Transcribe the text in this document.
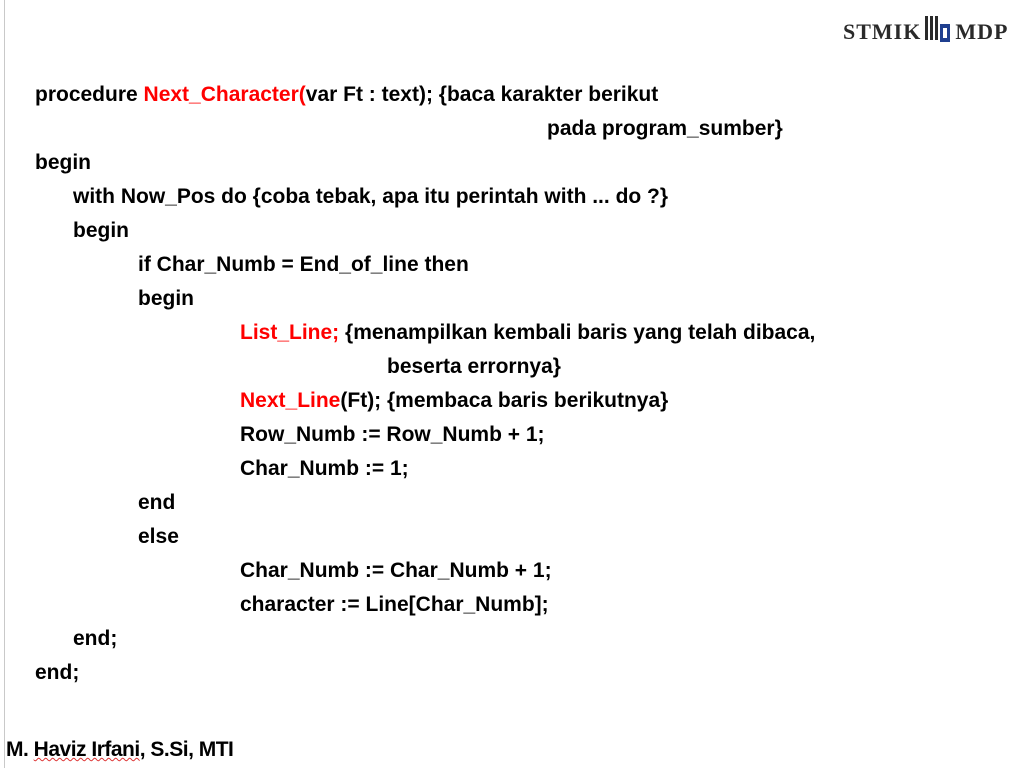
STMIK MDP
procedure Next_Character(var Ft : text); {baca karakter berikut
pada program_sumber}
begin
with Now_Pos do {coba tebak, apa itu perintah with ... do ?}
begin
if Char_Numb = End_of_line then
begin
List_Line; {menampilkan kembali baris yang telah dibaca,
beserta errornya}
Next_Line(Ft); {membaca baris berikutnya}
Row_Numb := Row_Numb + 1;
Char_Numb := 1;
end
else
Char_Numb := Char_Numb + 1;
character := Line[Char_Numb];
end;
end;
M. Haviz Irfani, S.Si, MTI
